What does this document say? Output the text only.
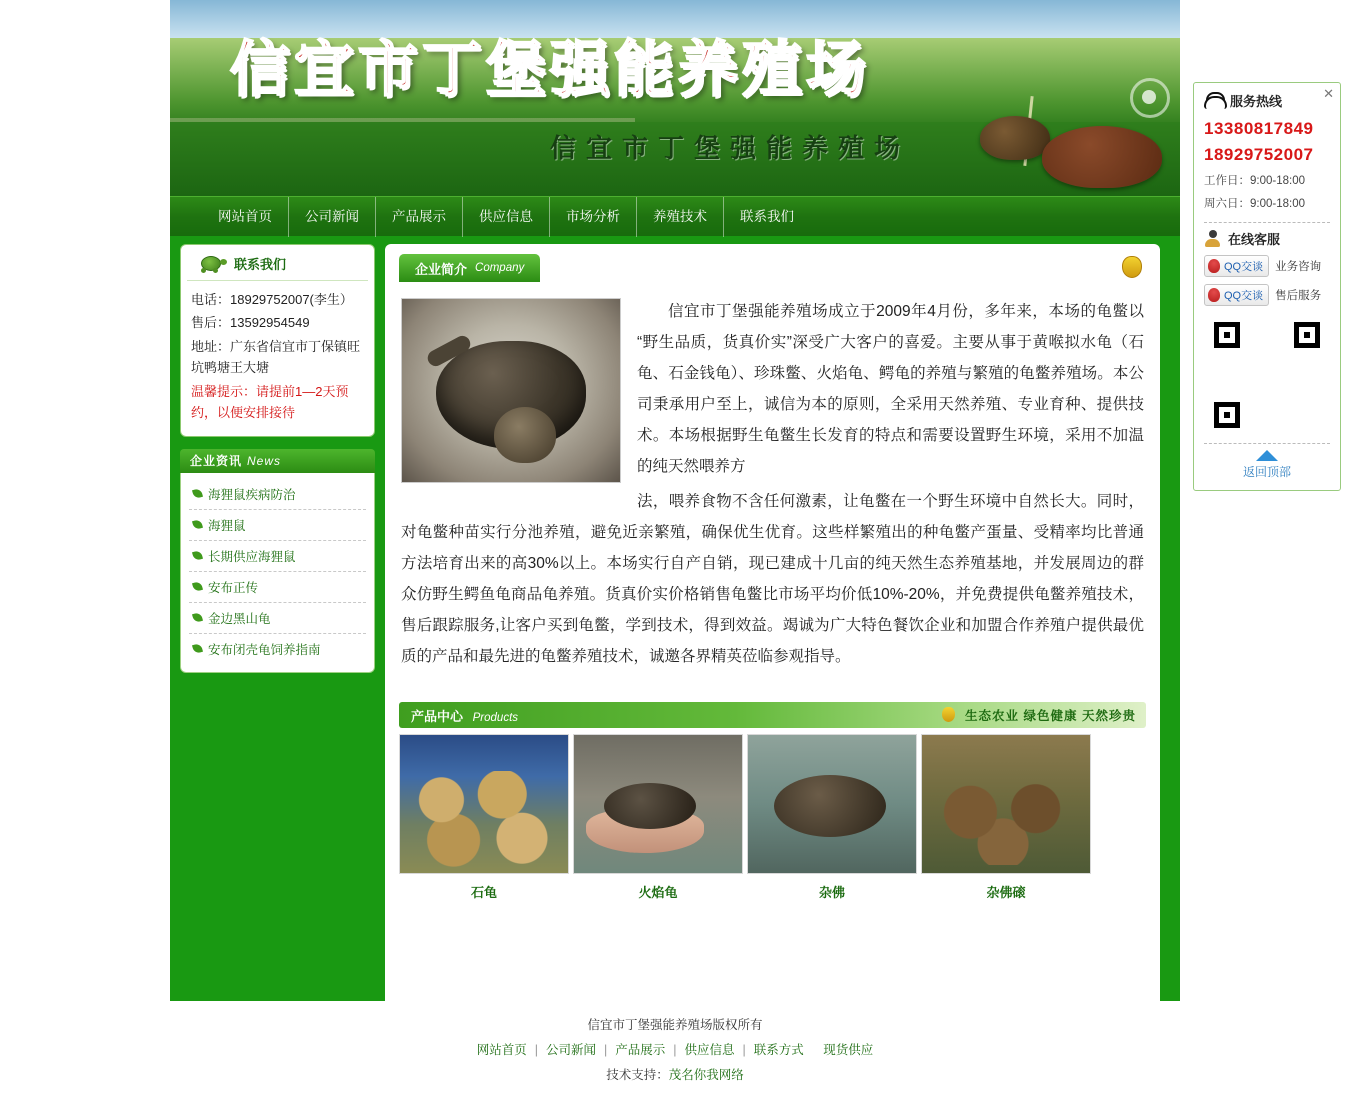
信宜市丁堡强能养殖场
信宜市丁堡强能养殖场
网站首页	公司新闻	产品展示	供应信息	市场分析	养殖技术	联系我们
联系我们
电话：18929752007(李生）
售后：13592954549
地址：广东省信宜市丁保镇旺坑鸭塘王大塘
温馨提示：请提前1—2天预约，以便安排接待
企业资讯 News
海狸鼠疾病防治
海狸鼠
长期供应海狸鼠
安布正传
金边黑山龟
安布闭壳龟饲养指南
企业简介 Company

信宜市丁堡强能养殖场成立于2009年4月份，多年来，本场的龟鳖以“野生品质，货真价实”深受广大客户的喜爱。主要从事于黄喉拟水龟（石龟、石金钱龟）、珍珠鳖、火焰龟、鳄龟的养殖与繁殖的龟鳖养殖场。本公司秉承用户至上，诚信为本的原则，全采用天然养殖、专业育种、提供技术。本场根据野生龟鳖生长发育的特点和需要设置野生环境，采用不加温的纯天然喂养方

法，喂养食物不含任何激素，让龟鳖在一个野生环境中自然长大。同时，对龟鳖种苗实行分池养殖，避免近亲繁殖，确保优生优育。这些样繁殖出的种龟鳖产蛋量、受精率均比普通方法培育出来的高30%以上。本场实行自产自销，现已建成十几亩的纯天然生态养殖基地，并发展周边的群众仿野生鳄鱼龟商品龟养殖。货真价实价格销售龟鳖比市场平均价低10%-20%，并免费提供龟鳖养殖技术，售后跟踪服务,让客户买到龟鳖，学到技术，得到效益。竭诚为广大特色餐饮企业和加盟合作养殖户提供最优质的产品和最先进的龟鳖养殖技术，诚邀各界精英莅临参观指导。

产品中心 Products	生态农业 绿色健康 天然珍贵
石龟	火焰龟	杂佛	杂佛磙
信宜市丁堡强能养殖场版权所有
网站首页 | 公司新闻 | 产品展示 | 供应信息 | 联系方式 现货供应
技术支持：茂名你我网络
✕
服务热线
13380817849
18929752007
工作日：9:00-18:00
周六日：9:00-18:00
在线客服
QQ交谈 业务咨询
QQ交谈 售后服务
返回顶部
